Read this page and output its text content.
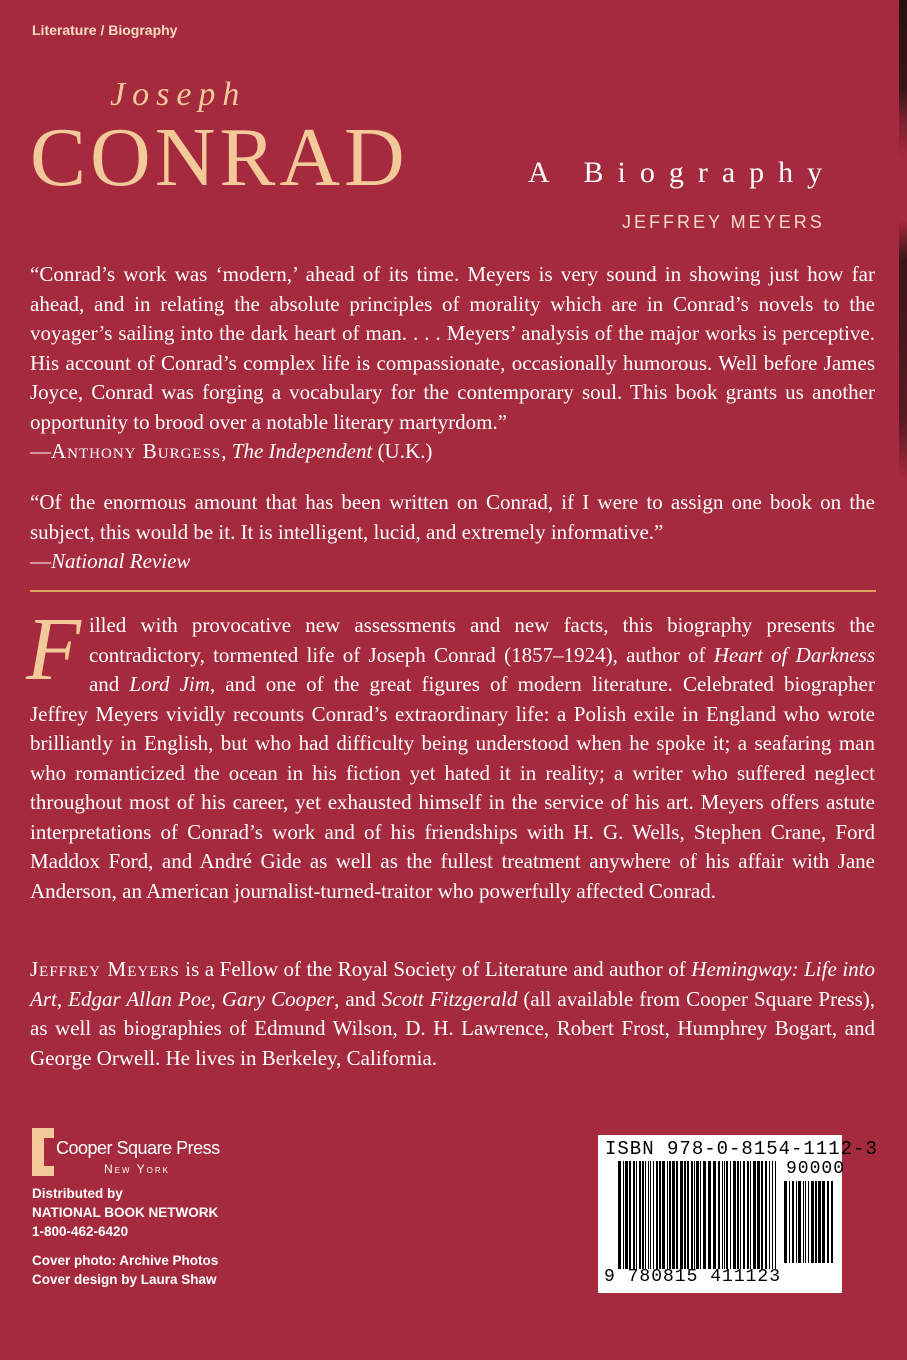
Literature / Biography
Joseph
CONRAD	A Biography
JEFFREY MEYERS
“Conrad’s work was ‘modern,’ ahead of its time. Meyers is very sound in showing just how far ahead, and in relating the absolute principles of morality which are in Conrad’s novels to the voyager’s sailing into the dark heart of man. . . . Meyers’ analysis of the major works is perceptive. His account of Conrad’s complex life is compassionate, occasionally humorous. Well before James Joyce, Conrad was forging a vocabulary for the contemporary soul. This book grants us another opportunity to brood over a notable literary martyrdom.”
—Anthony Burgess, The Independent (U.K.)
“Of the enormous amount that has been written on Conrad, if I were to assign one book on the subject, this would be it. It is intelligent, lucid, and extremely informative.”
—National Review
Filled with provocative new assessments and new facts, this biography presents the contradictory, tormented life of Joseph Conrad (1857–1924), author of Heart of Darkness and Lord Jim, and one of the great figures of modern literature. Celebrated biographer Jeffrey Meyers vividly recounts Conrad’s extraordinary life: a Polish exile in England who wrote brilliantly in English, but who had difficulty being understood when he spoke it; a seafaring man who romanticized the ocean in his fiction yet hated it in reality; a writer who suffered neglect throughout most of his career, yet exhausted himself in the service of his art. Meyers offers astute interpretations of Conrad’s work and of his friendships with H. G. Wells, Stephen Crane, Ford Maddox Ford, and André Gide as well as the fullest treatment anywhere of his affair with Jane Anderson, an American journalist-turned-traitor who powerfully affected Conrad.
Jeffrey Meyers is a Fellow of the Royal Society of Literature and author of Hemingway: Life into Art, Edgar Allan Poe, Gary Cooper, and Scott Fitzgerald (all available from Cooper Square Press), as well as biographies of Edmund Wilson, D. H. Lawrence, Robert Frost, Humphrey Bogart, and George Orwell. He lives in Berkeley, California.
Cooper Square Press
New York
Distributed by
NATIONAL BOOK NETWORK
1-800-462-6420
Cover photo: Archive Photos
Cover design by Laura Shaw
ISBN 978-0-8154-1112-3
90000
9 780815 411123
